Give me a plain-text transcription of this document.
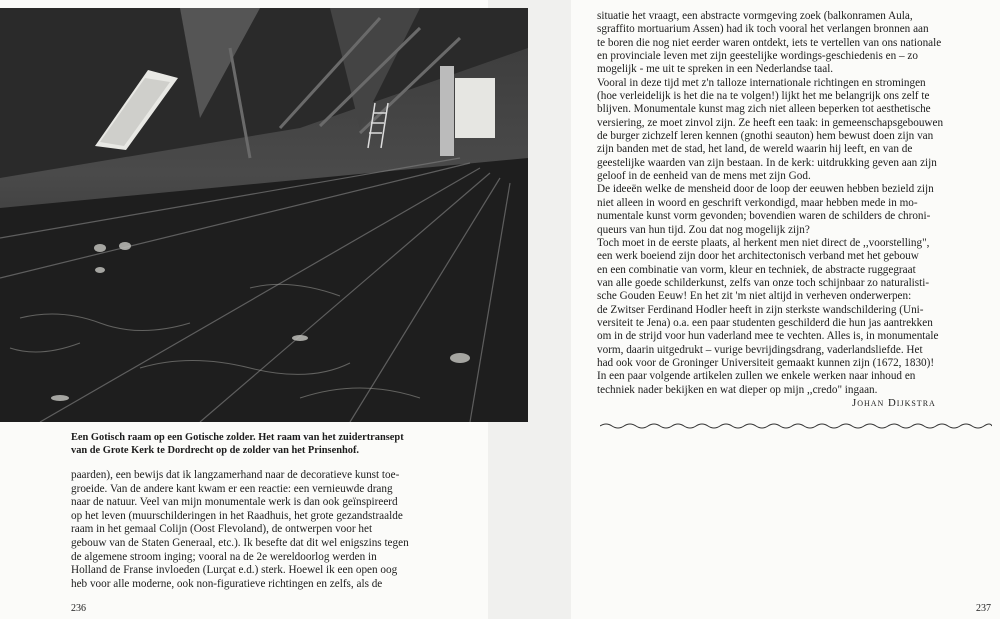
Een Gotisch raam op een Gotische zolder. Het raam van het zuidertransept
van de Grote Kerk te Dordrecht op de zolder van het Prinsenhof.
paarden), een bewijs dat ik langzamerhand naar de decoratieve kunst toe-
groeide. Van de andere kant kwam er een reactie: een vernieuwde drang
naar de natuur. Veel van mijn monumentale werk is dan ook geïnspireerd
op het leven (muurschilderingen in het Raadhuis, het grote gezandstraalde
raam in het gemaal Colijn (Oost Flevoland), de ontwerpen voor het
gebouw van de Staten Generaal, etc.). Ik besefte dat dit wel enigszins tegen
de algemene stroom inging; vooral na de 2e wereldoorlog werden in
Holland de Franse invloeden (Lurçat e.d.) sterk. Hoewel ik een open oog
heb voor alle moderne, ook non-figuratieve richtingen en zelfs, als de
236
situatie het vraagt, een abstracte vormgeving zoek (balkonramen Aula,
sgraffito mortuarium Assen) had ik toch vooral het verlangen bronnen aan
te boren die nog niet eerder waren ontdekt, iets te vertellen van ons nationale
en provinciale leven met zijn geestelijke wordings-geschiedenis en – zo
mogelijk - me uit te spreken in een Nederlandse taal.
Vooral in deze tijd met z'n talloze internationale richtingen en stromingen
(hoe verleidelijk is het die na te volgen!) lijkt het me belangrijk ons zelf te
blijven. Monumentale kunst mag zich niet alleen beperken tot aesthetische
versiering, ze moet zinvol zijn. Ze heeft een taak: in gemeenschapsgebouwen
de burger zichzelf leren kennen (gnothi seauton) hem bewust doen zijn van
zijn banden met de stad, het land, de wereld waarin hij leeft, en van de
geestelijke waarden van zijn bestaan. In de kerk: uitdrukking geven aan zijn
geloof in de eenheid van de mens met zijn God.
De ideeën welke de mensheid door de loop der eeuwen hebben bezield zijn
niet alleen in woord en geschrift verkondigd, maar hebben mede in mo-
numentale kunst vorm gevonden; bovendien waren de schilders de chroni-
queurs van hun tijd. Zou dat nog mogelijk zijn?
Toch moet in de eerste plaats, al herkent men niet direct de ,,voorstelling",
een werk boeiend zijn door het architectonisch verband met het gebouw
en een combinatie van vorm, kleur en techniek, de abstracte ruggegraat
van alle goede schilderkunst, zelfs van onze toch schijnbaar zo naturalisti-
sche Gouden Eeuw! En het zit 'm niet altijd in verheven onderwerpen:
de Zwitser Ferdinand Hodler heeft in zijn sterkste wandschildering (Uni-
versiteit te Jena) o.a. een paar studenten geschilderd die hun jas aantrekken
om in de strijd voor hun vaderland mee te vechten. Alles is, in monumentale
vorm, daarin uitgedrukt – vurige bevrijdingsdrang, vaderlandsliefde. Het
had ook voor de Groninger Universiteit gemaakt kunnen zijn (1672, 1830)!
In een paar volgende artikelen zullen we enkele werken naar inhoud en
techniek nader bekijken en wat dieper op mijn ,,credo" ingaan.
Johan Dijkstra
237
